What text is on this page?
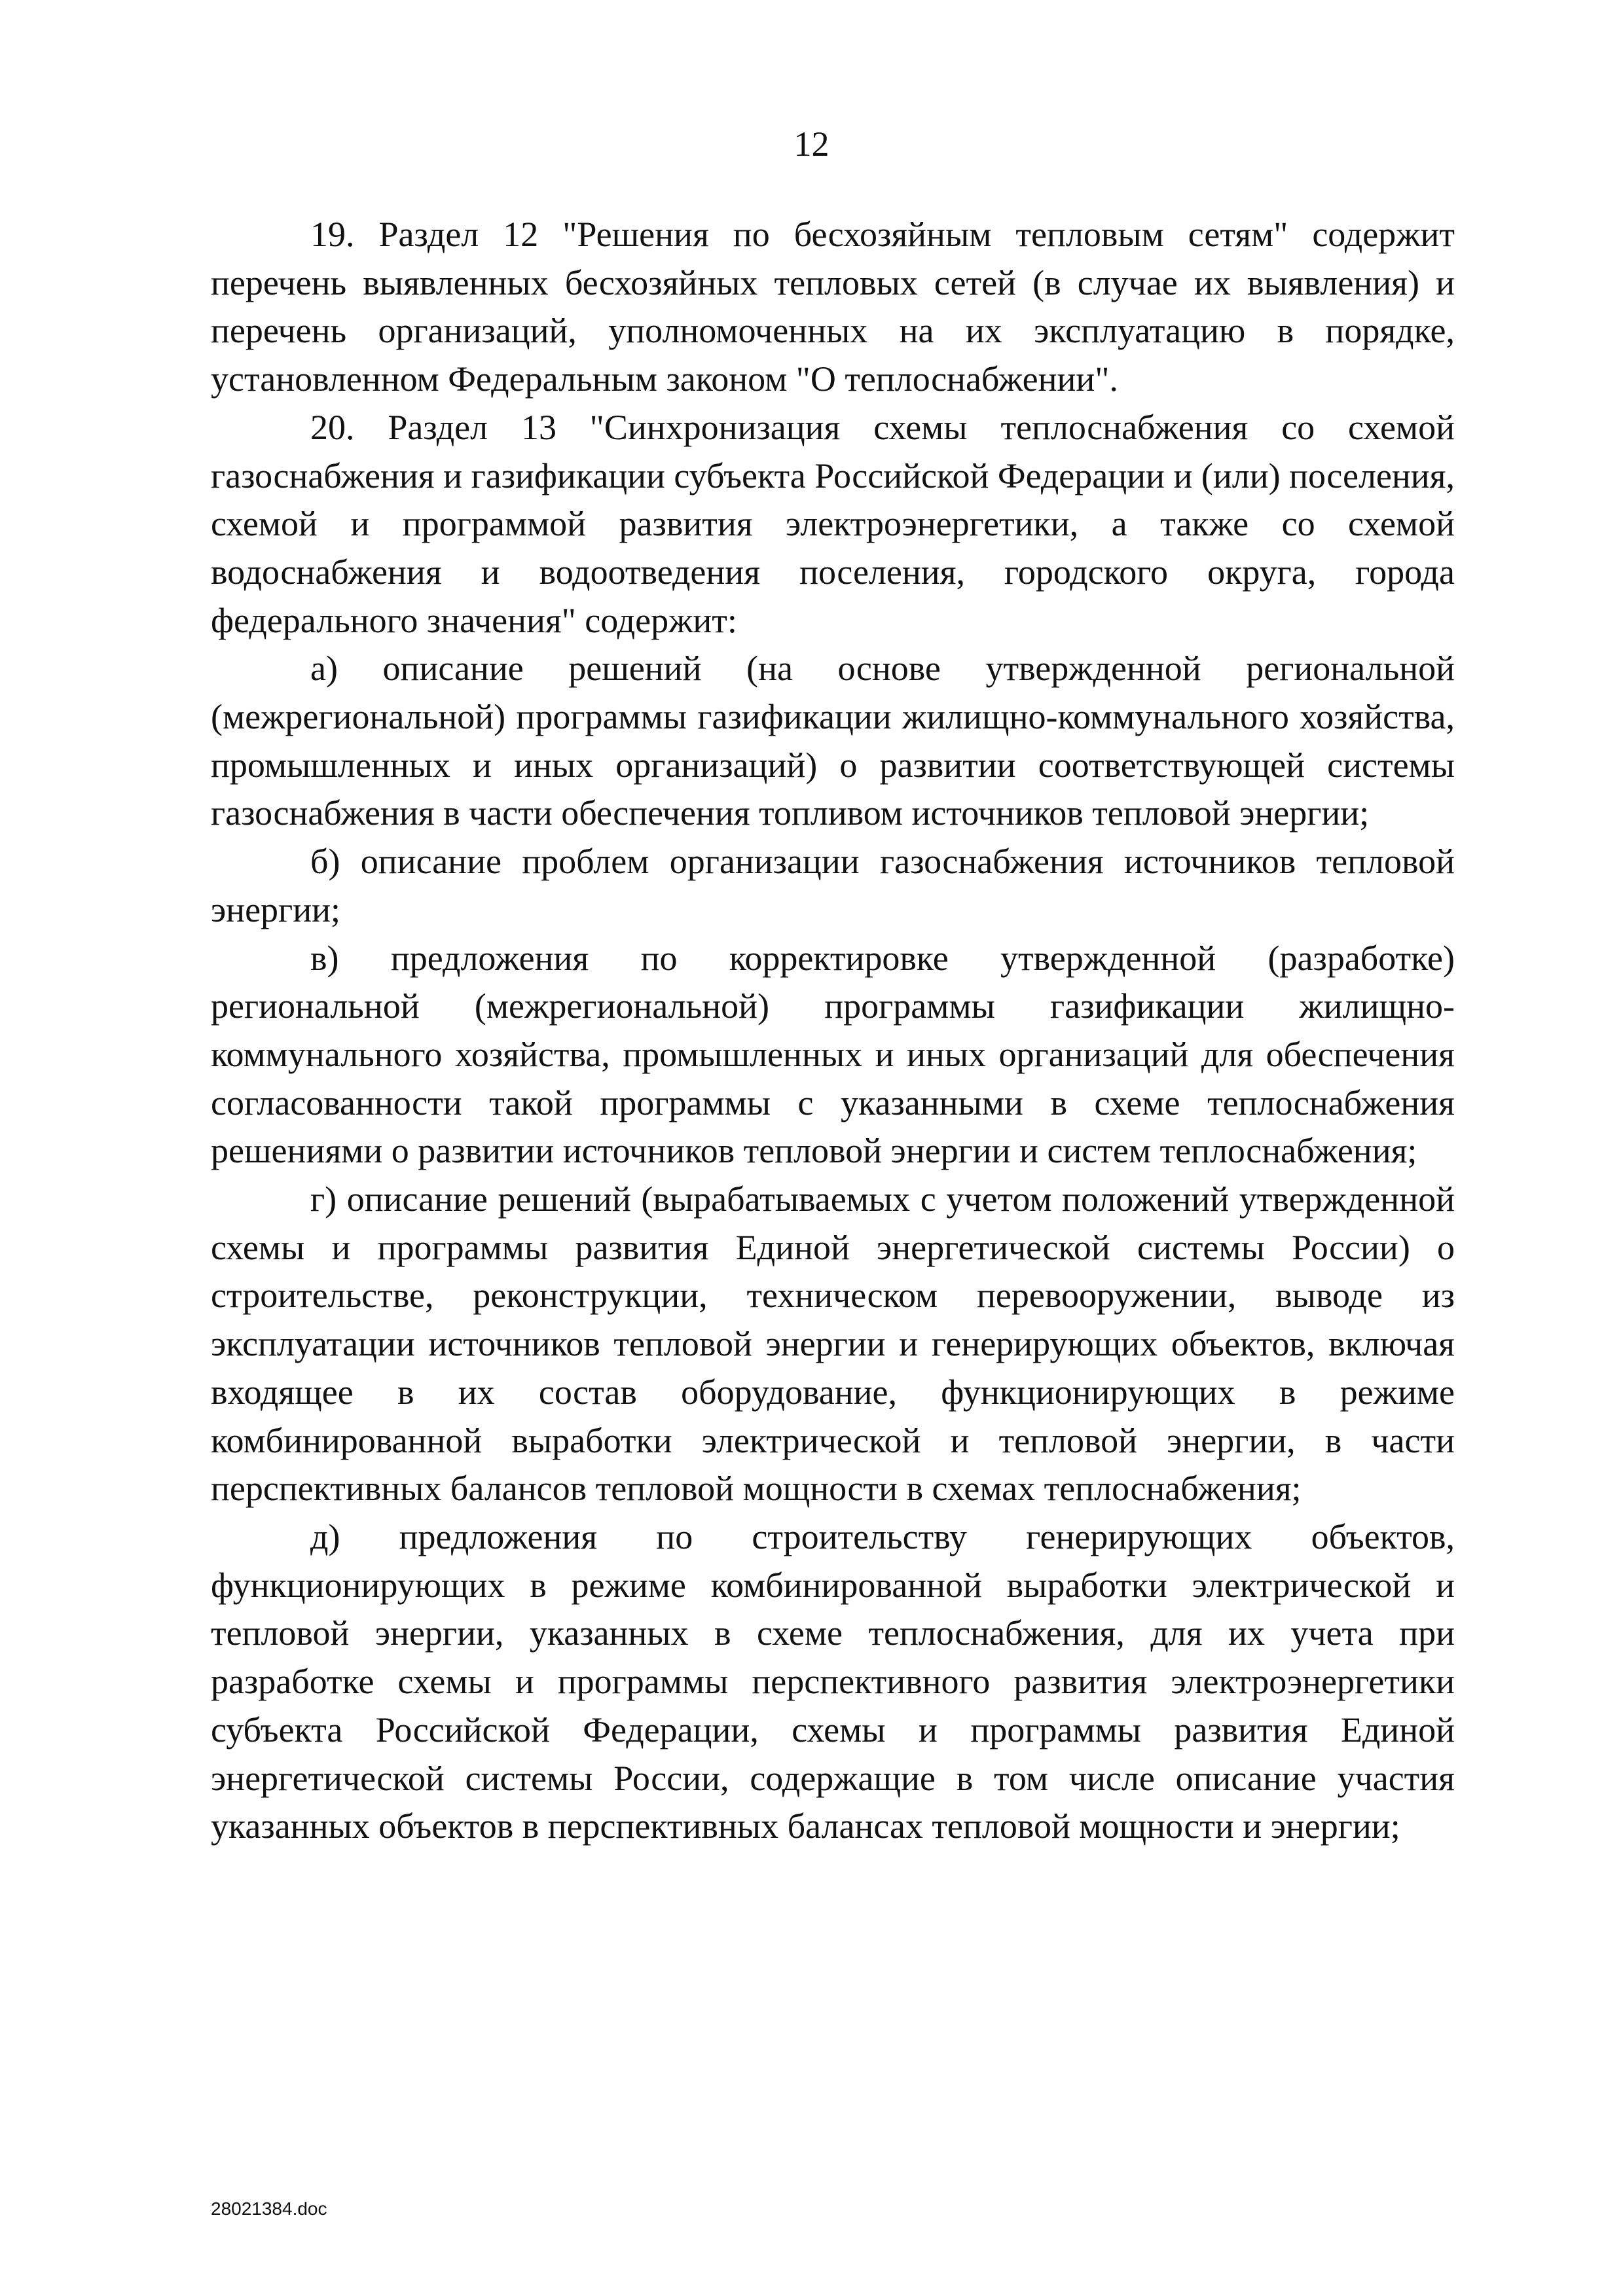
12

19. Раздел 12 "Решения по бесхозяйным тепловым сетям" содержит перечень выявленных бесхозяйных тепловых сетей (в случае их выявления) и перечень организаций, уполномоченных на их эксплуатацию в порядке, установленном Федеральным законом "О теплоснабжении".

20. Раздел 13 "Синхронизация схемы теплоснабжения со схемой газоснабжения и газификации субъекта Российской Федерации и (или) поселения, схемой и программой развития электроэнергетики, а также со схемой водоснабжения и водоотведения поселения, городского округа, города федерального значения" содержит:

а) описание решений (на основе утвержденной региональной (межрегиональной) программы газификации жилищно-коммунального хозяйства, промышленных и иных организаций) о развитии соответствующей системы газоснабжения в части обеспечения топливом источников тепловой энергии;

б) описание проблем организации газоснабжения источников тепловой энергии;

в) предложения по корректировке утвержденной (разработке) региональной (межрегиональной) программы газификации жилищно-коммунального хозяйства, промышленных и иных организаций для обеспечения согласованности такой программы с указанными в схеме теплоснабжения решениями о развитии источников тепловой энергии и систем теплоснабжения;

г) описание решений (вырабатываемых с учетом положений утвержденной схемы и программы развития Единой энергетической системы России) о строительстве, реконструкции, техническом перевооружении, выводе из эксплуатации источников тепловой энергии и генерирующих объектов, включая входящее в их состав оборудование, функционирующих в режиме комбинированной выработки электрической и тепловой энергии, в части перспективных балансов тепловой мощности в схемах теплоснабжения;

д) предложения по строительству генерирующих объектов, функционирующих в режиме комбинированной выработки электрической и тепловой энергии, указанных в схеме теплоснабжения, для их учета при разработке схемы и программы перспективного развития электроэнергетики субъекта Российской Федерации, схемы и программы развития Единой энергетической системы России, содержащие в том числе описание участия указанных объектов в перспективных балансах тепловой мощности и энергии;

28021384.doc
